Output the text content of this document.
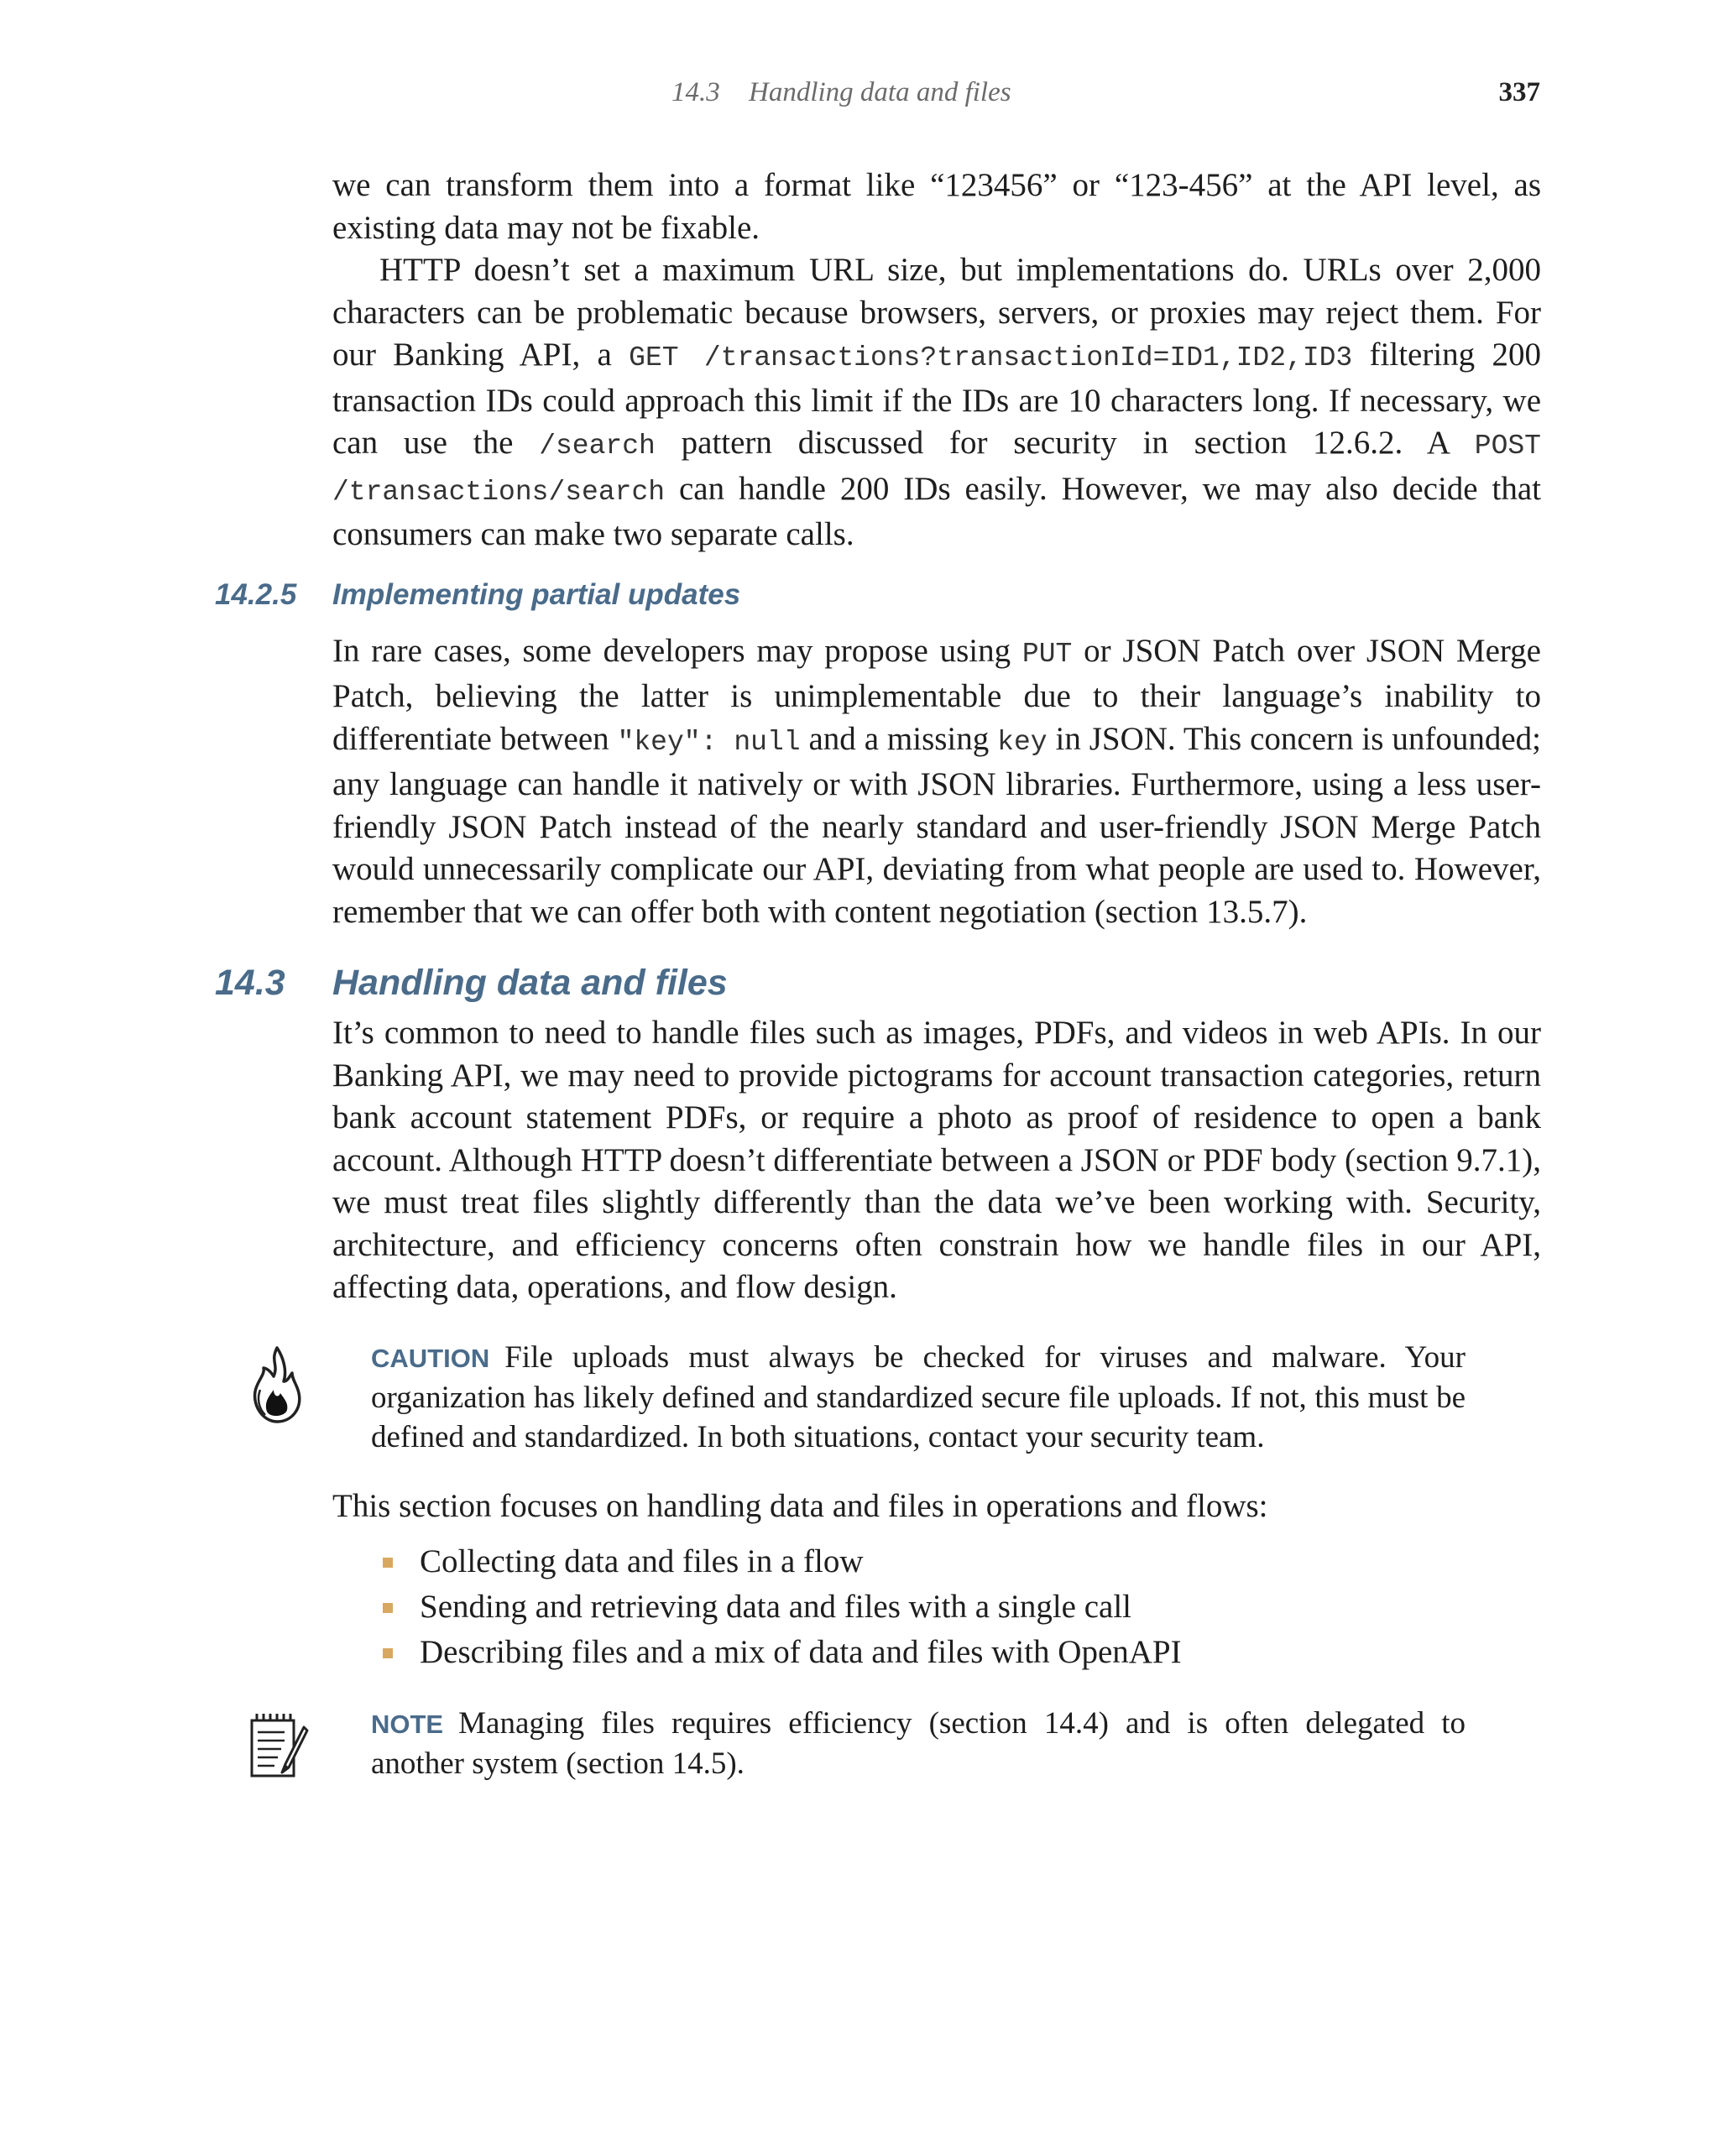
14.3 Handling data and files	337

we can transform them into a format like “123456” or “123-456” at the API level, as existing data may not be fixable.

HTTP doesn’t set a maximum URL size, but implementations do. URLs over 2,000 characters can be problematic because browsers, servers, or proxies may reject them. For our Banking API, a GET /transactions?transactionId=ID1,ID2,ID3 filtering 200 transaction IDs could approach this limit if the IDs are 10 characters long. If necessary, we can use the /search pattern discussed for security in section 12.6.2. A POST /transactions/search can handle 200 IDs easily. However, we may also decide that consumers can make two separate calls.

14.2.5 Implementing partial updates

In rare cases, some developers may propose using PUT or JSON Patch over JSON Merge Patch, believing the latter is unimplementable due to their language’s inability to differentiate between "key": null and a missing key in JSON. This concern is unfounded; any language can handle it natively or with JSON libraries. Furthermore, using a less user-friendly JSON Patch instead of the nearly standard and user-friendly JSON Merge Patch would unnecessarily complicate our API, deviating from what people are used to. However, remember that we can offer both with content negotiation (section 13.5.7).

14.3 Handling data and files

It’s common to need to handle files such as images, PDFs, and videos in web APIs. In our Banking API, we may need to provide pictograms for account transaction categories, return bank account statement PDFs, or require a photo as proof of residence to open a bank account. Although HTTP doesn’t differentiate between a JSON or PDF body (section 9.7.1), we must treat files slightly differently than the data we’ve been working with. Security, architecture, and efficiency concerns often constrain how we handle files in our API, affecting data, operations, and flow design.

CAUTION File uploads must always be checked for viruses and malware. Your organization has likely defined and standardized secure file uploads. If not, this must be defined and standardized. In both situations, contact your security team.

This section focuses on handling data and files in operations and flows:

Collecting data and files in a flow
Sending and retrieving data and files with a single call
Describing files and a mix of data and files with OpenAPI

NOTE Managing files requires efficiency (section 14.4) and is often delegated to another system (section 14.5).
